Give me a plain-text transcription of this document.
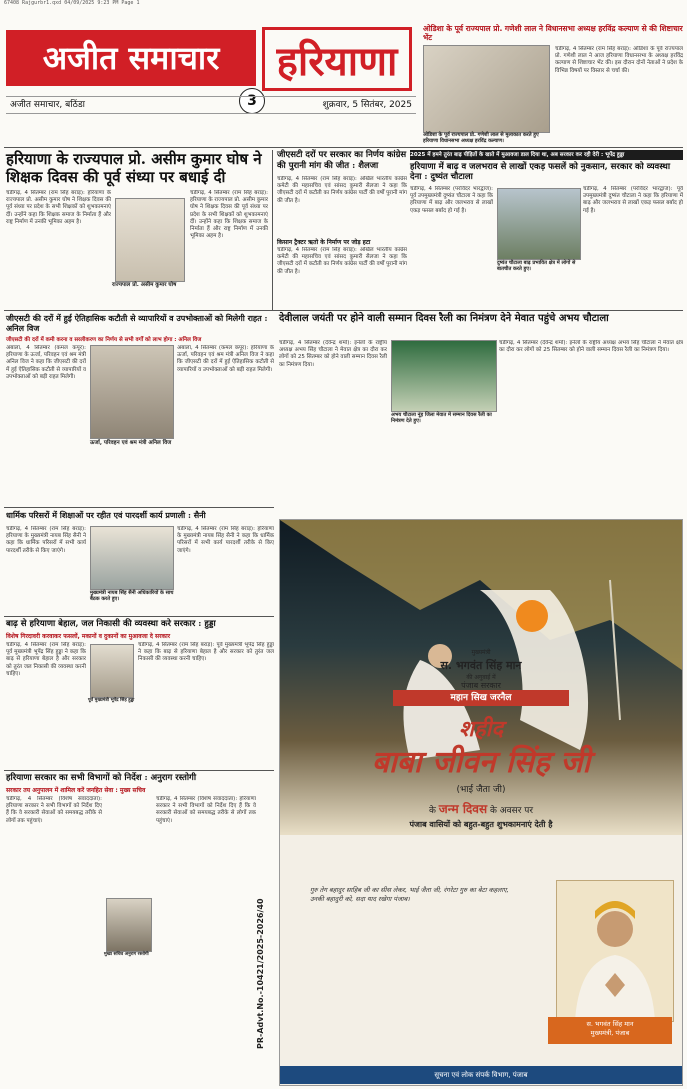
67408 Rajgurbr1.qxd 04/09/2025 9:23 PM Page 1
अजीत समाचार	हरियाणा
3
अजीत समाचार, बठिंडा	शुक्रवार, 5 सितंबर, 2025
ओडिशा के पूर्व राज्यपाल प्रो. गणेशी लाल ने विधानसभा अध्यक्ष हरविंद्र कल्याण से की शिष्टाचार भेंट
ओडिशा के पूर्व राज्यपाल प्रो. गणेशी लाल से मुलाकात करते हुए हरियाणा विधानसभा अध्यक्ष हरविंद्र कल्याण।
चंडीगढ़, 4 सितम्बर (राम सिंह बराड़): ओडिशा के पूर्व राज्यपाल प्रो. गणेशी लाल ने आज हरियाणा विधानसभा के अध्यक्ष हरविंद्र कल्याण से शिष्टाचार भेंट की। इस दौरान दोनों नेताओं ने प्रदेश के विभिन्न विषयों पर विस्तार से चर्चा की।
हरियाणा के राज्यपाल प्रो. असीम कुमार घोष ने शिक्षक दिवस की पूर्व संध्या पर बधाई दी
चंडीगढ़, 4 सितम्बर (राम सिंह बराड़): हरियाणा के राज्यपाल प्रो. असीम कुमार घोष ने शिक्षक दिवस की पूर्व संध्या पर प्रदेश के सभी शिक्षकों को शुभकामनाएं दीं। उन्होंने कहा कि शिक्षक समाज के निर्माता हैं और राष्ट्र निर्माण में उनकी भूमिका अहम है।
राज्यपाल प्रो. असीम कुमार घोष
चंडीगढ़, 4 सितम्बर (राम सिंह बराड़): हरियाणा के राज्यपाल प्रो. असीम कुमार घोष ने शिक्षक दिवस की पूर्व संध्या पर प्रदेश के सभी शिक्षकों को शुभकामनाएं दीं। उन्होंने कहा कि शिक्षक समाज के निर्माता हैं और राष्ट्र निर्माण में उनकी भूमिका अहम है।
जीएसटी दरों पर सरकार का निर्णय कांग्रेस की पुरानी मांग की जीत : शैलजा
चंडीगढ़, 4 सितम्बर (राम सिंह बराड़): अखिल भारतीय कांग्रेस कमेटी की महासचिव एवं सांसद कुमारी सैलजा ने कहा कि जीएसटी दरों में कटौती का निर्णय कांग्रेस पार्टी की वर्षों पुरानी मांग की जीत है।
किसान ट्रैक्टर ऋतो के निर्माण पर जोड़ हटा
चंडीगढ़, 4 सितम्बर (राम सिंह बराड़): अखिल भारतीय कांग्रेस कमेटी की महासचिव एवं सांसद कुमारी सैलजा ने कहा कि जीएसटी दरों में कटौती का निर्णय कांग्रेस पार्टी की वर्षों पुरानी मांग की जीत है।
2025 में हमने तुरंत बाढ़ पीड़ितों के खाते में मुआवजा डाल दिया था, अब सरकार कर रही देरी : भूपेंद्र हुड्डा
हरियाणा में बाढ़ व जलभराव से लाखों एकड़ फसलें को नुकसान, सरकार को व्यवस्था देना : दुष्यंत चौटाला
चंडीगढ़, 4 सितम्बर (परविंदर भारद्वाज): पूर्व उपमुख्यमंत्री दुष्यंत चौटाला ने कहा कि हरियाणा में बाढ़ और जलभराव से लाखों एकड़ फसल बर्बाद हो गई है।
दुष्यंत चौटाला बाढ़ प्रभावित क्षेत्र में लोगों से बातचीत करते हुए।
चंडीगढ़, 4 सितम्बर (परविंदर भारद्वाज): पूर्व उपमुख्यमंत्री दुष्यंत चौटाला ने कहा कि हरियाणा में बाढ़ और जलभराव से लाखों एकड़ फसल बर्बाद हो गई है।
जीएसटी की दरों में हुई ऐतिहासिक कटौती से व्यापारियों व उपभोक्ताओं को मिलेगी राहत : अनिल विज
जीएसटी की दरों में कमी करना व सरलीकरण का निर्णय से सभी वर्गों को लाभ होगा : अनिल विज
अंबाला, 4 सितम्बर (कमल कपूर): हरियाणा के ऊर्जा, परिवहन एवं श्रम मंत्री अनिल विज ने कहा कि जीएसटी की दरों में हुई ऐतिहासिक कटौती से व्यापारियों व उपभोक्ताओं को बड़ी राहत मिलेगी।
ऊर्जा, परिवहन एवं श्रम मंत्री अनिल विज
अंबाला, 4 सितम्बर (कमल कपूर): हरियाणा के ऊर्जा, परिवहन एवं श्रम मंत्री अनिल विज ने कहा कि जीएसटी की दरों में हुई ऐतिहासिक कटौती से व्यापारियों व उपभोक्ताओं को बड़ी राहत मिलेगी।
देवीलाल जयंती पर होने वाली सम्मान दिवस रैली का निमंत्रण देने मेवात पहुंचे अभय चौटाला
चंडीगढ़, 4 सितम्बर (देवेन्द्र शर्मा): इनेलो के राष्ट्रीय अध्यक्ष अभय सिंह चौटाला ने मेवात क्षेत्र का दौरा कर लोगों को 25 सितम्बर को होने वाली सम्मान दिवस रैली का निमंत्रण दिया।
अभय चौटाला नूंह जिला मेवात में सम्मान दिवस रैली का निमंत्रण देते हुए।
चंडीगढ़, 4 सितम्बर (देवेन्द्र शर्मा): इनेलो के राष्ट्रीय अध्यक्ष अभय सिंह चौटाला ने मेवात क्षेत्र का दौरा कर लोगों को 25 सितम्बर को होने वाली सम्मान दिवस रैली का निमंत्रण दिया।
धार्मिक परिसरों में शिक्षाओं पर रहीत एवं पारदर्शी कार्य प्रणाली : सैनी
चंडीगढ़, 4 सितम्बर (राम सिंह बराड़): हरियाणा के मुख्यमंत्री नायब सिंह सैनी ने कहा कि धार्मिक परिसरों में सभी कार्य पारदर्शी तरीके से किए जाएंगे।
मुख्यमंत्री नायब सिंह सैनी अधिकारियों के साथ बैठक करते हुए।
चंडीगढ़, 4 सितम्बर (राम सिंह बराड़): हरियाणा के मुख्यमंत्री नायब सिंह सैनी ने कहा कि धार्मिक परिसरों में सभी कार्य पारदर्शी तरीके से किए जाएंगे।
बाढ़ से हरियाणा बेहाल, जल निकासी की व्यवस्था करे सरकार : हुड्डा
विशेष गिरदावरी करवाकर फसलों, मकानों व दुकानों का मुआवजा दे सरकार
चंडीगढ़, 4 सितम्बर (राम सिंह बराड़): पूर्व मुख्यमंत्री भूपेंद्र सिंह हुड्डा ने कहा कि बाढ़ से हरियाणा बेहाल है और सरकार को तुरंत जल निकासी की व्यवस्था करनी चाहिए।
पूर्व मुख्यमंत्री भूपेंद्र सिंह हुड्डा
चंडीगढ़, 4 सितम्बर (राम सिंह बराड़): पूर्व मुख्यमंत्री भूपेंद्र सिंह हुड्डा ने कहा कि बाढ़ से हरियाणा बेहाल है और सरकार को तुरंत जल निकासी की व्यवस्था करनी चाहिए।
हरियाणा सरकार का सभी विभागों को निर्देश : अनुराग रस्तोगी
सरकार तय अनुपालन में शामिल करें जनहित सेवा : मुख्य सचिव
चंडीगढ़, 4 सितम्बर (विशेष संवाददाता): हरियाणा सरकार ने सभी विभागों को निर्देश दिए हैं कि वे सरकारी सेवाओं को समयबद्ध तरीके से लोगों तक पहुंचाएं।
मुख्य सचिव अनुराग रस्तोगी
चंडीगढ़, 4 सितम्बर (विशेष संवाददाता): हरियाणा सरकार ने सभी विभागों को निर्देश दिए हैं कि वे सरकारी सेवाओं को समयबद्ध तरीके से लोगों तक पहुंचाएं।
मुख्यमंत्री
स. भगवंत सिंह मान
की अगुवाई में
पंजाब सरकार
महान सिख जरनैल
शहीद
बाबा जीवन सिंह जी
(भाई जैता जी)
के जन्म दिवस के अवसर पर
पंजाब वासियों को बहुत-बहुत शुभकामनाएं देती है
गुरु तेग बहादुर साहिब जी का सीस लेकर, भाई जैता जी, रंगरेटा गुरु का बेटा कहलाए, उनकी बहादुरी को, सदा याद रखेगा पंजाब।
स. भगवंत सिंह मान
मुख्यमंत्री, पंजाब
सूचना एवं लोक संपर्क विभाग, पंजाब
PR-Advt.No.-10421/2025-2026/40
